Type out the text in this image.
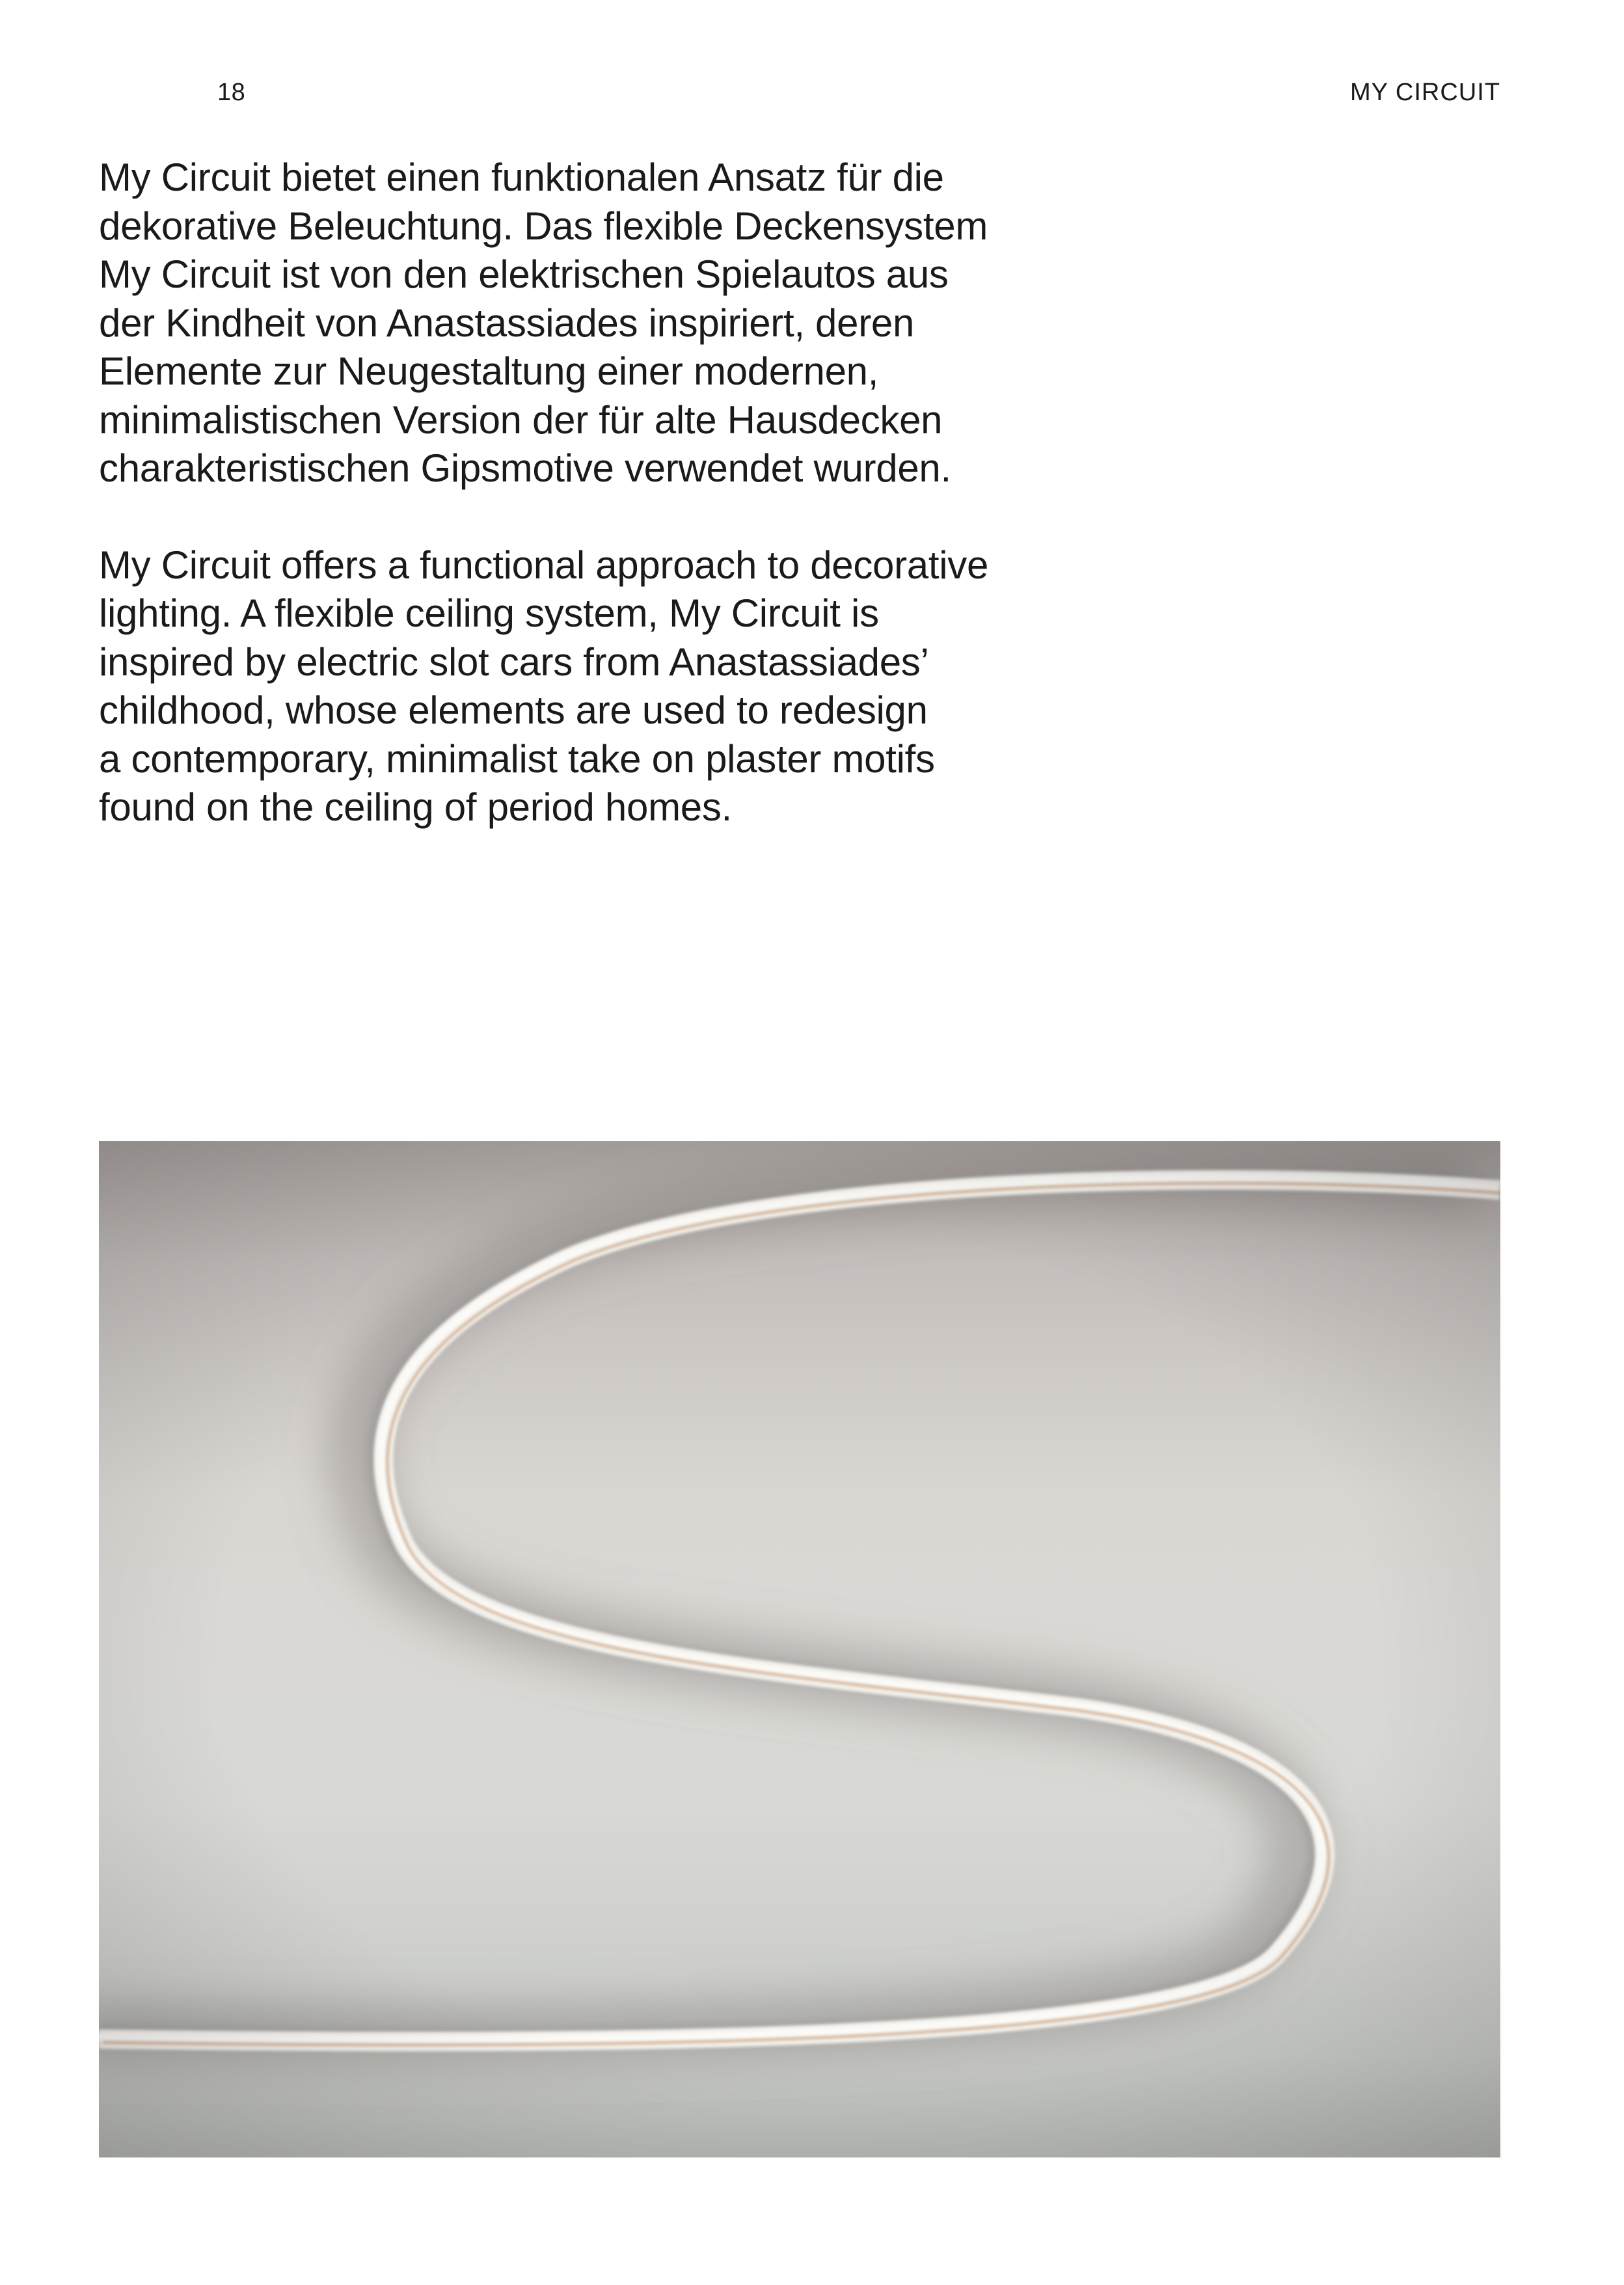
18	MY CIRCUIT

My Circuit bietet einen funktionalen Ansatz für die
dekorative Beleuchtung. Das flexible Deckensystem
My Circuit ist von den elektrischen Spielautos aus
der Kindheit von Anastassiades inspiriert, deren
Elemente zur Neugestaltung einer modernen,
minimalistischen Version der für alte Hausdecken
charakteristischen Gipsmotive verwendet wurden.

My Circuit offers a functional approach to decorative
lighting. A flexible ceiling system, My Circuit is
inspired by electric slot cars from Anastassiades’
childhood, whose elements are used to redesign
a contemporary, minimalist take on plaster motifs
found on the ceiling of period homes.
